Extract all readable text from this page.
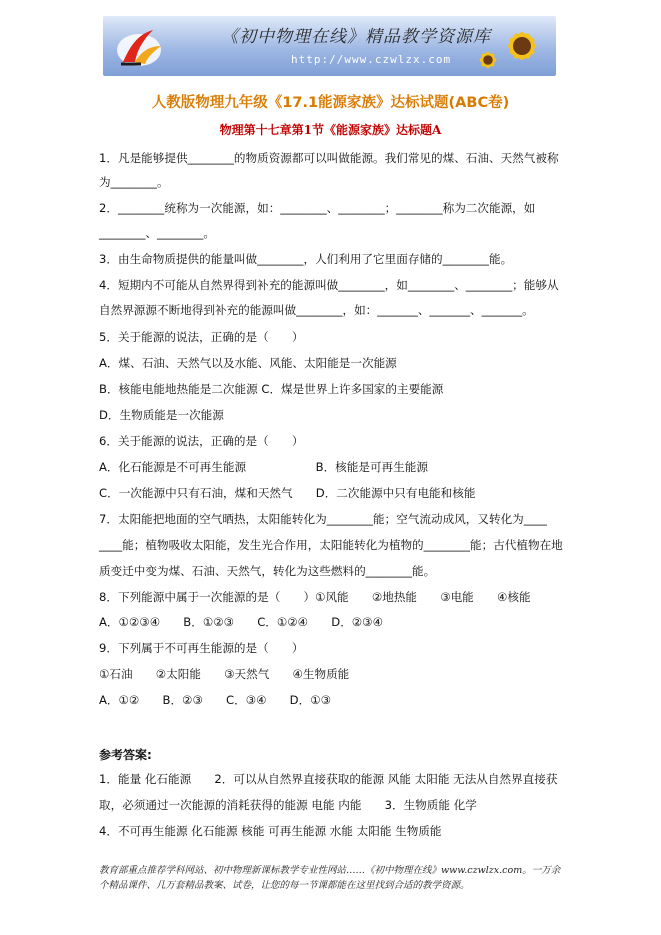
《初中物理在线》精品教学资源库
http://www.czwlzx.com
人教版物理九年级《17.1能源家族》达标试题(ABC卷)
物理第十七章第1节《能源家族》达标题A
1．凡是能够提供________的物质资源都可以叫做能源。我们常见的煤、石油、天然气被称
为________。
2．________统称为一次能源，如：________、________；________称为二次能源，如
________、________。
3．由生命物质提供的能量叫做________，人们利用了它里面存储的________能。
4．短期内不可能从自然界得到补充的能源叫做________，如________、________；能够从
自然界源源不断地得到补充的能源叫做________，如：_______、_______、_______。
5．关于能源的说法，正确的是（　　）
A．煤、石油、天然气以及水能、风能、太阳能是一次能源
B．核能电能地热能是二次能源 C．煤是世界上许多国家的主要能源
D．生物质能是一次能源
6．关于能源的说法，正确的是（　　）
A．化石能源是不可再生能源　　　　　　B．核能是可再生能源
C．一次能源中只有石油，煤和天然气　　D．二次能源中只有电能和核能
7．太阳能把地面的空气晒热，太阳能转化为________能；空气流动成风，又转化为____
____能；植物吸收太阳能，发生光合作用，太阳能转化为植物的________能；古代植物在地
质变迁中变为煤、石油、天然气，转化为这些燃料的________能。
8．下列能源中属于一次能源的是（　　）①风能　　②地热能　　③电能　　④核能
A．①②③④　　B．①②③　　C．①②④　　D．②③④
9．下列属于不可再生能源的是（　　）
①石油　　②太阳能　　③天然气　　④生物质能
A．①②　　B．②③　　C．③④　　D．①③
参考答案:
1．能量 化石能源　　2．可以从自然界直接获取的能源 风能 太阳能 无法从自然界直接获
取，必须通过一次能源的消耗获得的能源 电能 内能　　3．生物质能 化学
4．不可再生能源 化石能源 核能 可再生能源 水能 太阳能 生物质能
教育部重点推荐学科网站、初中物理新课标教学专业性网站……《初中物理在线》www.czwlzx.com。一万余
个精品课件、几万套精品教案、试卷，让您的每一节课都能在这里找到合适的教学资源。
